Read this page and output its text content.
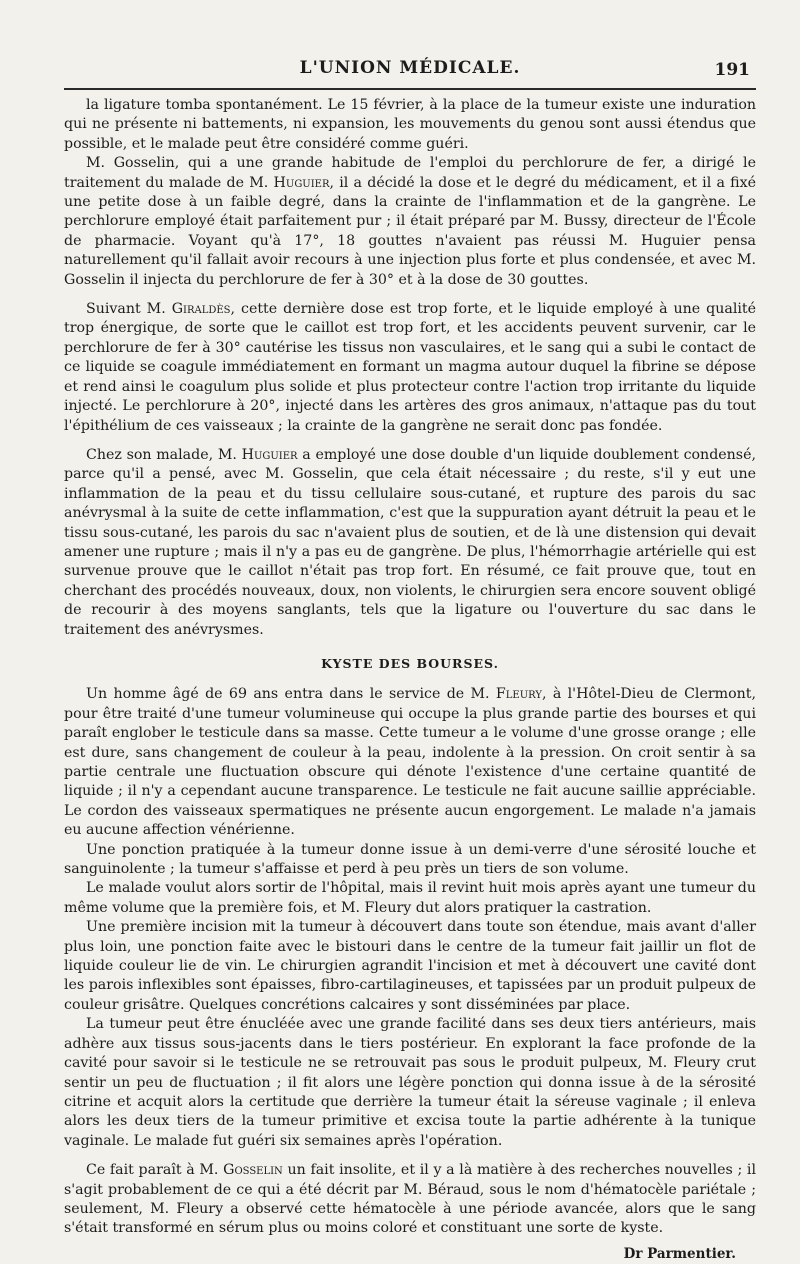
L'UNION MÉDICALE.	191

la ligature tomba spontanément. Le 15 février, à la place de la tumeur existe une induration qui ne présente ni battements, ni expansion, les mouvements du genou sont aussi étendus que possible, et le malade peut être considéré comme guéri.

M. Gosselin, qui a une grande habitude de l'emploi du perchlorure de fer, a dirigé le traitement du malade de M. Huguier, il a décidé la dose et le degré du médicament, et il a fixé une petite dose à un faible degré, dans la crainte de l'inflammation et de la gangrène. Le perchlorure employé était parfaitement pur ; il était préparé par M. Bussy, directeur de l'École de pharmacie. Voyant qu'à 17°, 18 gouttes n'avaient pas réussi M. Huguier pensa naturellement qu'il fallait avoir recours à une injection plus forte et plus condensée, et avec M. Gosselin il injecta du perchlorure de fer à 30° et à la dose de 30 gouttes.

Suivant M. Giraldès, cette dernière dose est trop forte, et le liquide employé à une qualité trop énergique, de sorte que le caillot est trop fort, et les accidents peuvent survenir, car le perchlorure de fer à 30° cautérise les tissus non vasculaires, et le sang qui a subi le contact de ce liquide se coagule immédiatement en formant un magma autour duquel la fibrine se dépose et rend ainsi le coagulum plus solide et plus protecteur contre l'action trop irritante du liquide injecté. Le perchlorure à 20°, injecté dans les artères des gros animaux, n'attaque pas du tout l'épithélium de ces vaisseaux ; la crainte de la gangrène ne serait donc pas fondée.

Chez son malade, M. Huguier a employé une dose double d'un liquide doublement condensé, parce qu'il a pensé, avec M. Gosselin, que cela était nécessaire ; du reste, s'il y eut une inflammation de la peau et du tissu cellulaire sous-cutané, et rupture des parois du sac anévrysmal à la suite de cette inflammation, c'est que la suppuration ayant détruit la peau et le tissu sous-cutané, les parois du sac n'avaient plus de soutien, et de là une distension qui devait amener une rupture ; mais il n'y a pas eu de gangrène. De plus, l'hémorrhagie artérielle qui est survenue prouve que le caillot n'était pas trop fort. En résumé, ce fait prouve que, tout en cherchant des procédés nouveaux, doux, non violents, le chirurgien sera encore souvent obligé de recourir à des moyens sanglants, tels que la ligature ou l'ouverture du sac dans le traitement des anévrysmes.

KYSTE DES BOURSES.

Un homme âgé de 69 ans entra dans le service de M. Fleury, à l'Hôtel-Dieu de Clermont, pour être traité d'une tumeur volumineuse qui occupe la plus grande partie des bourses et qui paraît englober le testicule dans sa masse. Cette tumeur a le volume d'une grosse orange ; elle est dure, sans changement de couleur à la peau, indolente à la pression. On croit sentir à sa partie centrale une fluctuation obscure qui dénote l'existence d'une certaine quantité de liquide ; il n'y a cependant aucune transparence. Le testicule ne fait aucune saillie appréciable. Le cordon des vaisseaux spermatiques ne présente aucun engorgement. Le malade n'a jamais eu aucune affection vénérienne.

Une ponction pratiquée à la tumeur donne issue à un demi-verre d'une sérosité louche et sanguinolente ; la tumeur s'affaisse et perd à peu près un tiers de son volume.

Le malade voulut alors sortir de l'hôpital, mais il revint huit mois après ayant une tumeur du même volume que la première fois, et M. Fleury dut alors pratiquer la castration.

Une première incision mit la tumeur à découvert dans toute son étendue, mais avant d'aller plus loin, une ponction faite avec le bistouri dans le centre de la tumeur fait jaillir un flot de liquide couleur lie de vin. Le chirurgien agrandit l'incision et met à découvert une cavité dont les parois inflexibles sont épaisses, fibro-cartilagineuses, et tapissées par un produit pulpeux de couleur grisâtre. Quelques concrétions calcaires y sont disséminées par place.

La tumeur peut être énucléée avec une grande facilité dans ses deux tiers antérieurs, mais adhère aux tissus sous-jacents dans le tiers postérieur. En explorant la face profonde de la cavité pour savoir si le testicule ne se retrouvait pas sous le produit pulpeux, M. Fleury crut sentir un peu de fluctuation ; il fit alors une légère ponction qui donna issue à de la sérosité citrine et acquit alors la certitude que derrière la tumeur était la séreuse vaginale ; il enleva alors les deux tiers de la tumeur primitive et excisa toute la partie adhérente à la tunique vaginale. Le malade fut guéri six semaines après l'opération.

Ce fait paraît à M. Gosselin un fait insolite, et il y a là matière à des recherches nouvelles ; il s'agit probablement de ce qui a été décrit par M. Béraud, sous le nom d'hématocèle pariétale ; seulement, M. Fleury a observé cette hématocèle à une période avancée, alors que le sang s'était transformé en sérum plus ou moins coloré et constituant une sorte de kyste.

Dr Parmentier.
